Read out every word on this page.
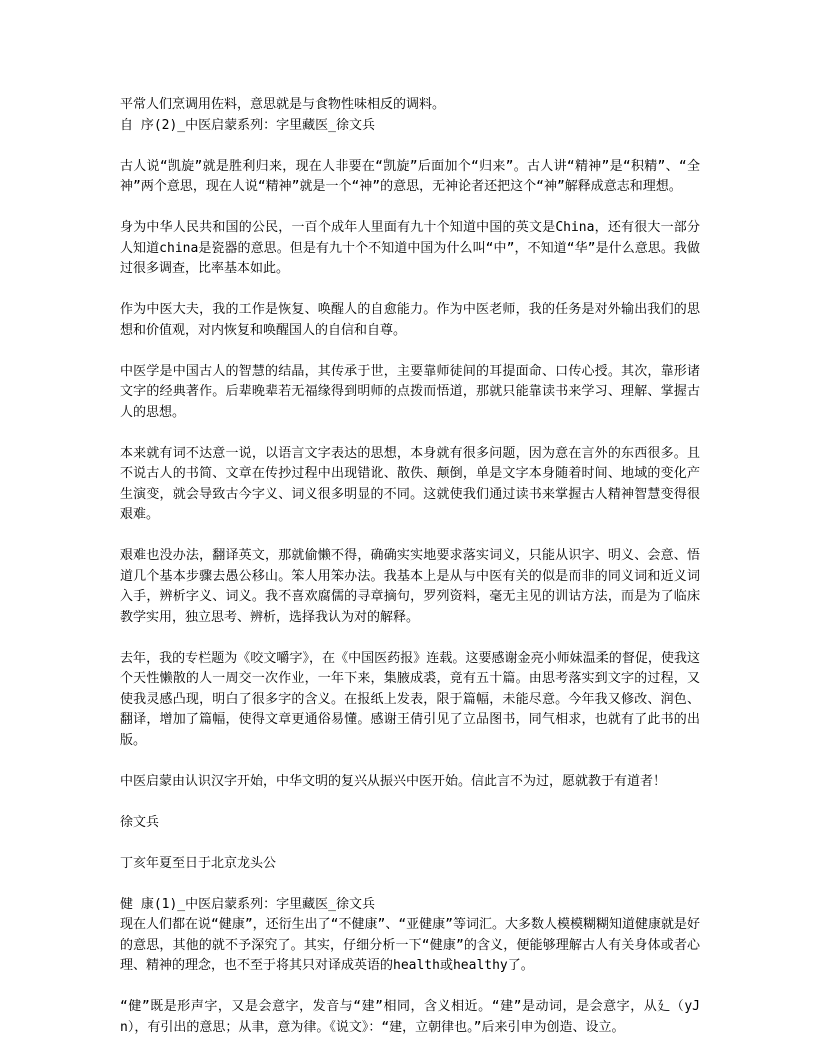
平常人们烹调用佐料，意思就是与食物性味相反的调料。

自 序(2)_中医启蒙系列：字里藏医_徐文兵

古人说“凯旋”就是胜利归来，现在人非要在“凯旋”后面加个“归来”。古人讲“精神”是“积精”、“全神”两个意思，现在人说“精神”就是一个“神”的意思，无神论者还把这个“神”解释成意志和理想。

身为中华人民共和国的公民，一百个成年人里面有九十个知道中国的英文是China，还有很大一部分人知道china是瓷器的意思。但是有九十个不知道中国为什么叫“中”，不知道“华”是什么意思。我做过很多调查，比率基本如此。

作为中医大夫，我的工作是恢复、唤醒人的自愈能力。作为中医老师，我的任务是对外输出我们的思想和价值观，对内恢复和唤醒国人的自信和自尊。

中医学是中国古人的智慧的结晶，其传承于世，主要靠师徒间的耳提面命、口传心授。其次，靠形诸文字的经典著作。后辈晚辈若无福缘得到明师的点拨而悟道，那就只能靠读书来学习、理解、掌握古人的思想。

本来就有词不达意一说，以语言文字表达的思想，本身就有很多问题，因为意在言外的东西很多。且不说古人的书简、文章在传抄过程中出现错讹、散佚、颠倒，单是文字本身随着时间、地域的变化产生演变，就会导致古今字义、词义很多明显的不同。这就使我们通过读书来掌握古人精神智慧变得很艰难。

艰难也没办法，翻译英文，那就偷懒不得，确确实实地要求落实词义，只能从识字、明义、会意、悟道几个基本步骤去愚公移山。笨人用笨办法。我基本上是从与中医有关的似是而非的同义词和近义词入手，辨析字义、词义。我不喜欢腐儒的寻章摘句，罗列资料，毫无主见的训诂方法，而是为了临床教学实用，独立思考、辨析，选择我认为对的解释。

去年，我的专栏题为《咬文嚼字》，在《中国医药报》连载。这要感谢金亮小师妹温柔的督促，使我这个天性懒散的人一周交一次作业，一年下来，集腋成裘，竟有五十篇。由思考落实到文字的过程，又使我灵感凸现，明白了很多字的含义。在报纸上发表，限于篇幅，未能尽意。今年我又修改、润色、翻译，增加了篇幅，使得文章更通俗易懂。感谢王倩引见了立品图书，同气相求，也就有了此书的出版。

中医启蒙由认识汉字开始，中华文明的复兴从振兴中医开始。信此言不为过，愿就教于有道者！

徐文兵

丁亥年夏至日于北京龙头公

健 康(1)_中医启蒙系列：字里藏医_徐文兵

现在人们都在说“健康”，还衍生出了“不健康”、“亚健康”等词汇。大多数人模模糊糊知道健康就是好的意思，其他的就不予深究了。其实，仔细分析一下“健康”的含义，便能够理解古人有关身体或者心理、精神的理念，也不至于将其只对译成英语的health或healthy了。

“健”既是形声字，又是会意字，发音与“建”相同，含义相近。“建”是动词，是会意字，从廴（yJn），有引出的意思；从聿，意为律。《说文》：“建，立朝律也。”后来引申为创造、设立。
